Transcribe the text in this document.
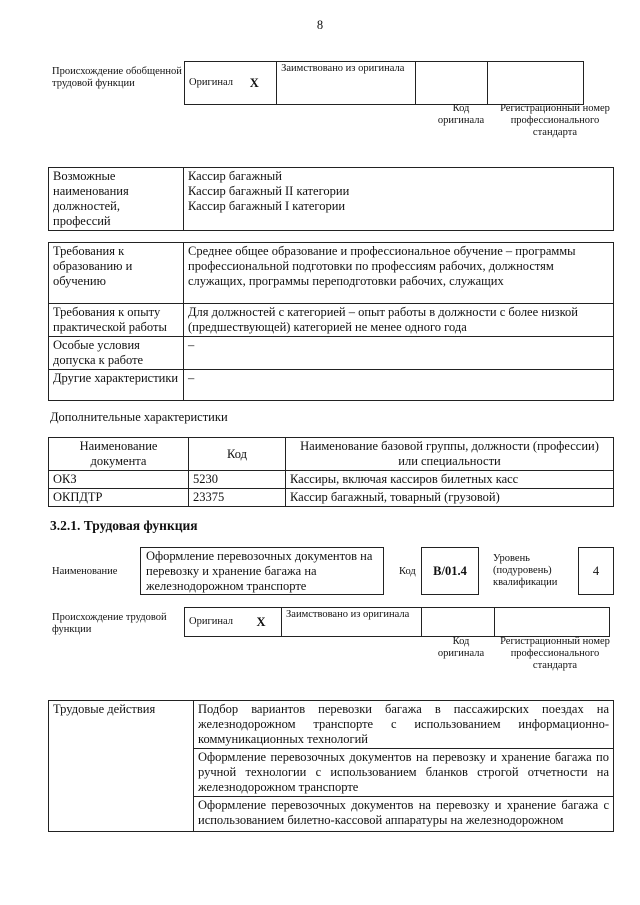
8
Происхождение обобщенной трудовой функции	Оригинал	X	Заимствовано из оригинала		
Код оригинала
Регистрационный номер профессионального стандарта
Возможные наименования должностей, профессий	
Кассир багажный
Кассир багажный II категории
Кассир багажный I категории
Требования к образованию и обучению	Среднее общее образование и профессиональное обучение – программы профессиональной подготовки по профессиям рабочих, должностям служащих, программы переподготовки рабочих, служащих
Требования к опыту практической работы	Для должностей с категорией – опыт работы в должности с более низкой (предшествующей) категорией не менее одного года
Особые условия допуска к работе	–
Другие характеристики	–
Дополнительные характеристики
Наименование документа	Код	Наименование базовой группы, должности (профессии) или специальности
ОКЗ	5230	Кассиры, включая кассиров билетных касс
ОКПДТР	23375	Кассир багажный, товарный (грузовой)
3.2.1. Трудовая функция
Наименование
Оформление перевозочных документов на перевозку и хранение багажа на железнодорожном транспорте
Код	В/01.4
Уровень (подуровень) квалификации
4
Происхождение трудовой функции
Оригинал	X	Заимствовано из оригинала		
Код оригинала
Регистрационный номер профессионального стандарта
Трудовые действия	Подбор вариантов перевозки багажа в пассажирских поездах на железнодорожном транспорте с использованием информационно-коммуникационных технологий
Оформление перевозочных документов на перевозку и хранение багажа по ручной технологии с использованием бланков строгой отчетности на железнодорожном транспорте
Оформление перевозочных документов на перевозку и хранение багажа с использованием билетно-кассовой аппаратуры на железнодорожном
